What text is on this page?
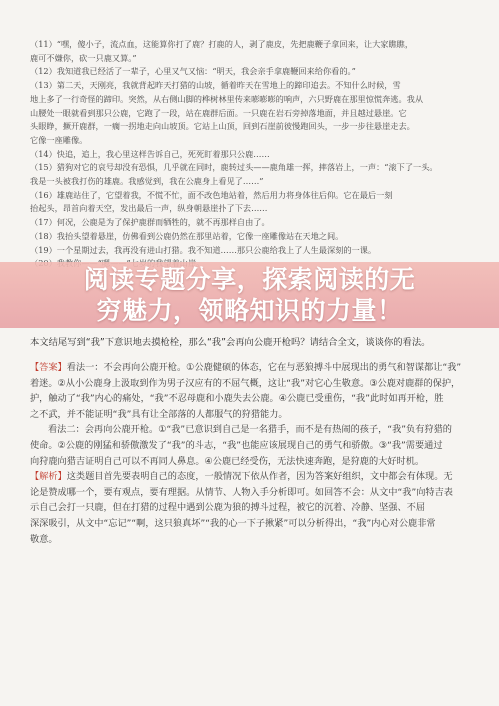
（11）“嘿，傻小子，流点血，这能算你打了鹿？打鹿的人，剥了鹿皮，先把鹿鞭子拿回来，让大家瞧瞧，

鹿可不嫌你，砍一只鹿又算。”

（12）我知道我已经活了一辈子，心里又气又恼：“明天，我会亲手拿鹿鞭回来给你看的。”

（13）第二天，天刚亮，我就背起昨天打猎的山坡，循着昨天在雪地上的蹄印追去。不知什么时候，雪

地上多了一行奇怪的蹄印。突然，从右侧山脚的桦树林里传来嘭嘭嘭的响声，六只野鹿在那里惊慌奔逃。我从

山腰处一眼就看到那只公鹿，它跑了一段，站在鹿群后面。一只鹿在岩石旁掉落地面，并且越过悬崖。它

头眼睁，撅开鹿群，一瘸一拐地走向山坡顶。它站上山顶，回到石崖前彼慢跑回头，一步一步往悬崖走去。

它像一座雕像。

（14）快追，追上，我心里这样告诉自己，死死盯着那只公鹿……

（15）猎狗对它的哀号却没有恐惧，几乎就在同时，鹿转过头——鹿角雄一挥，摔落岩上，一声：“滚下了一头。

我是一头被我打伤的雄鹿。我感觉到，我在公鹿身上看见了……”

（16）雄鹿站住了，它望着我，不慌不忙，面不改色地站着，然后用力将身体往后仰。它在最后一刻

抬起头，昂首向着天空，发出最后一声，纵身朝悬崖扑了下去……

（17）何况，公鹿是为了保护鹿群而牺牲的，就不再那样自由了。

（18）我抬头望着悬崖，仿佛看到公鹿仍然在那里站着，它像一座雕像站在天地之间。

（19）一个星期过去，我再没有进山打猎。我不知道……那只公鹿给我上了人生最深刻的一课。

阅读专题分享，探索阅读的无
穷魅力，领略知识的力量！
本文结尾写到“我”下意识地去摸枪栓，那么“我”会再向公鹿开枪吗？请结合全文，谈谈你的看法。

【答案】看法一：不会再向公鹿开枪。①公鹿健硕的体态，它在与恶狼搏斗中展现出的勇气和智谋都让“我”

着迷。②从小公鹿身上汲取到作为男子汉应有的不屈气概，这让“我”对它心生敬意。③公鹿对鹿群的保护，

护，触动了“我”内心的痛处，“我”不忍母鹿和小鹿失去公鹿。④公鹿已受重伤，“我”此时如再开枪，胜

之不武，并不能证明“我”具有让全部落的人都服气的狩猎能力。

看法二：会再向公鹿开枪。①“我”已意识到自己是一名猎手，而不是有热闹的孩子，“我”负有狩猎的

使命。②公鹿的刚猛和骄傲激发了“我”的斗志，“我”也能应该展现自己的勇气和骄傲。③“我”需要通过

向狩鹿向猎吉证明自己可以不再同人鼻息。④公鹿已经受伤，无法快速奔跑，是狩鹿的大好时机。

【解析】这类题目首先要表明自己的态度，一般情况下依从作者，因为答案好组织，文中都会有体现。无

论是赞成哪一个，要有观点，要有理据。从情节、人物入手分析即可。如回答不会：从文中“我”向特吉表

示自己会打一只鹿，但在打猎的过程中遇到公鹿为狼的搏斗过程，被它的沉着、冷静、坚强、不屈

深深吸引，从文中“忘记”“啊，这只狼真坏”“我的心一下子揪紧”可以分析得出，“我”内心对公鹿非常

敬意。
